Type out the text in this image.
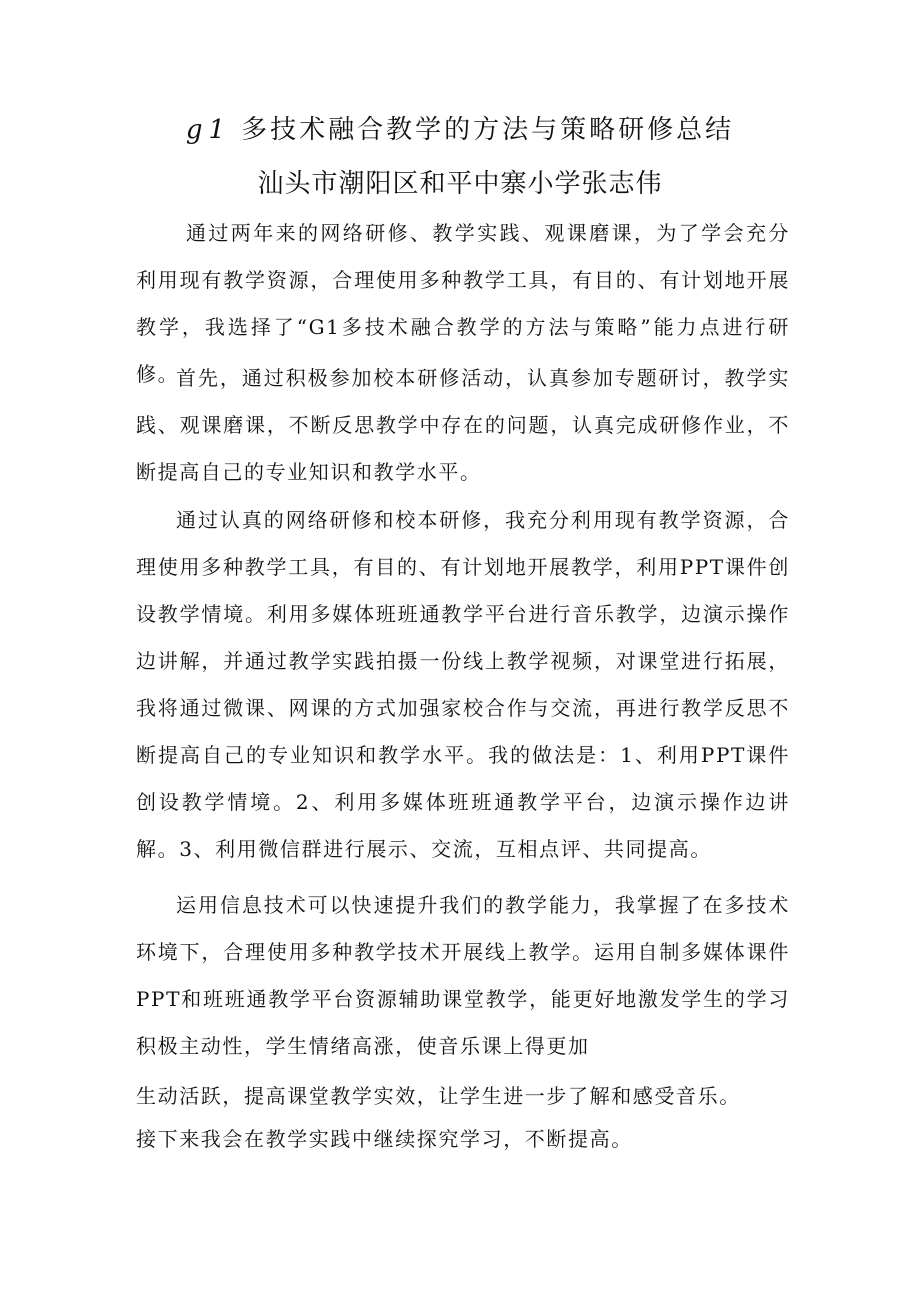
g1 多技术融合教学的方法与策略研修总结
汕头市潮阳区和平中寨小学张志伟

通过两年来的网络研修、教学实践、观课磨课，为了学会充分利用现有教学资源，合理使用多种教学工具，有目的、有计划地开展教学，我选择了“G1多技术融合教学的方法与策略”能力点进行研修。

首先，通过积极参加校本研修活动，认真参加专题研讨，教学实践、观课磨课，不断反思教学中存在的问题，认真完成研修作业，不断提高自己的专业知识和教学水平。

通过认真的网络研修和校本研修，我充分利用现有教学资源，合理使用多种教学工具，有目的、有计划地开展教学，利用PPT课件创设教学情境。利用多媒体班班通教学平台进行音乐教学，边演示操作边讲解，并通过教学实践拍摄一份线上教学视频，对课堂进行拓展，我将通过微课、网课的方式加强家校合作与交流，再进行教学反思不断提高自己的专业知识和教学水平。我的做法是：1、利用PPT课件创设教学情境。2、利用多媒体班班通教学平台，边演示操作边讲解。3、利用微信群进行展示、交流，互相点评、共同提高。

运用信息技术可以快速提升我们的教学能力，我掌握了在多技术环境下，合理使用多种教学技术开展线上教学。运用自制多媒体课件PPT和班班通教学平台资源辅助课堂教学，能更好地激发学生的学习积极主动性，学生情绪高涨，使音乐课上得更加

生动活跃，提高课堂教学实效，让学生进一步了解和感受音乐。

接下来我会在教学实践中继续探究学习，不断提高。
